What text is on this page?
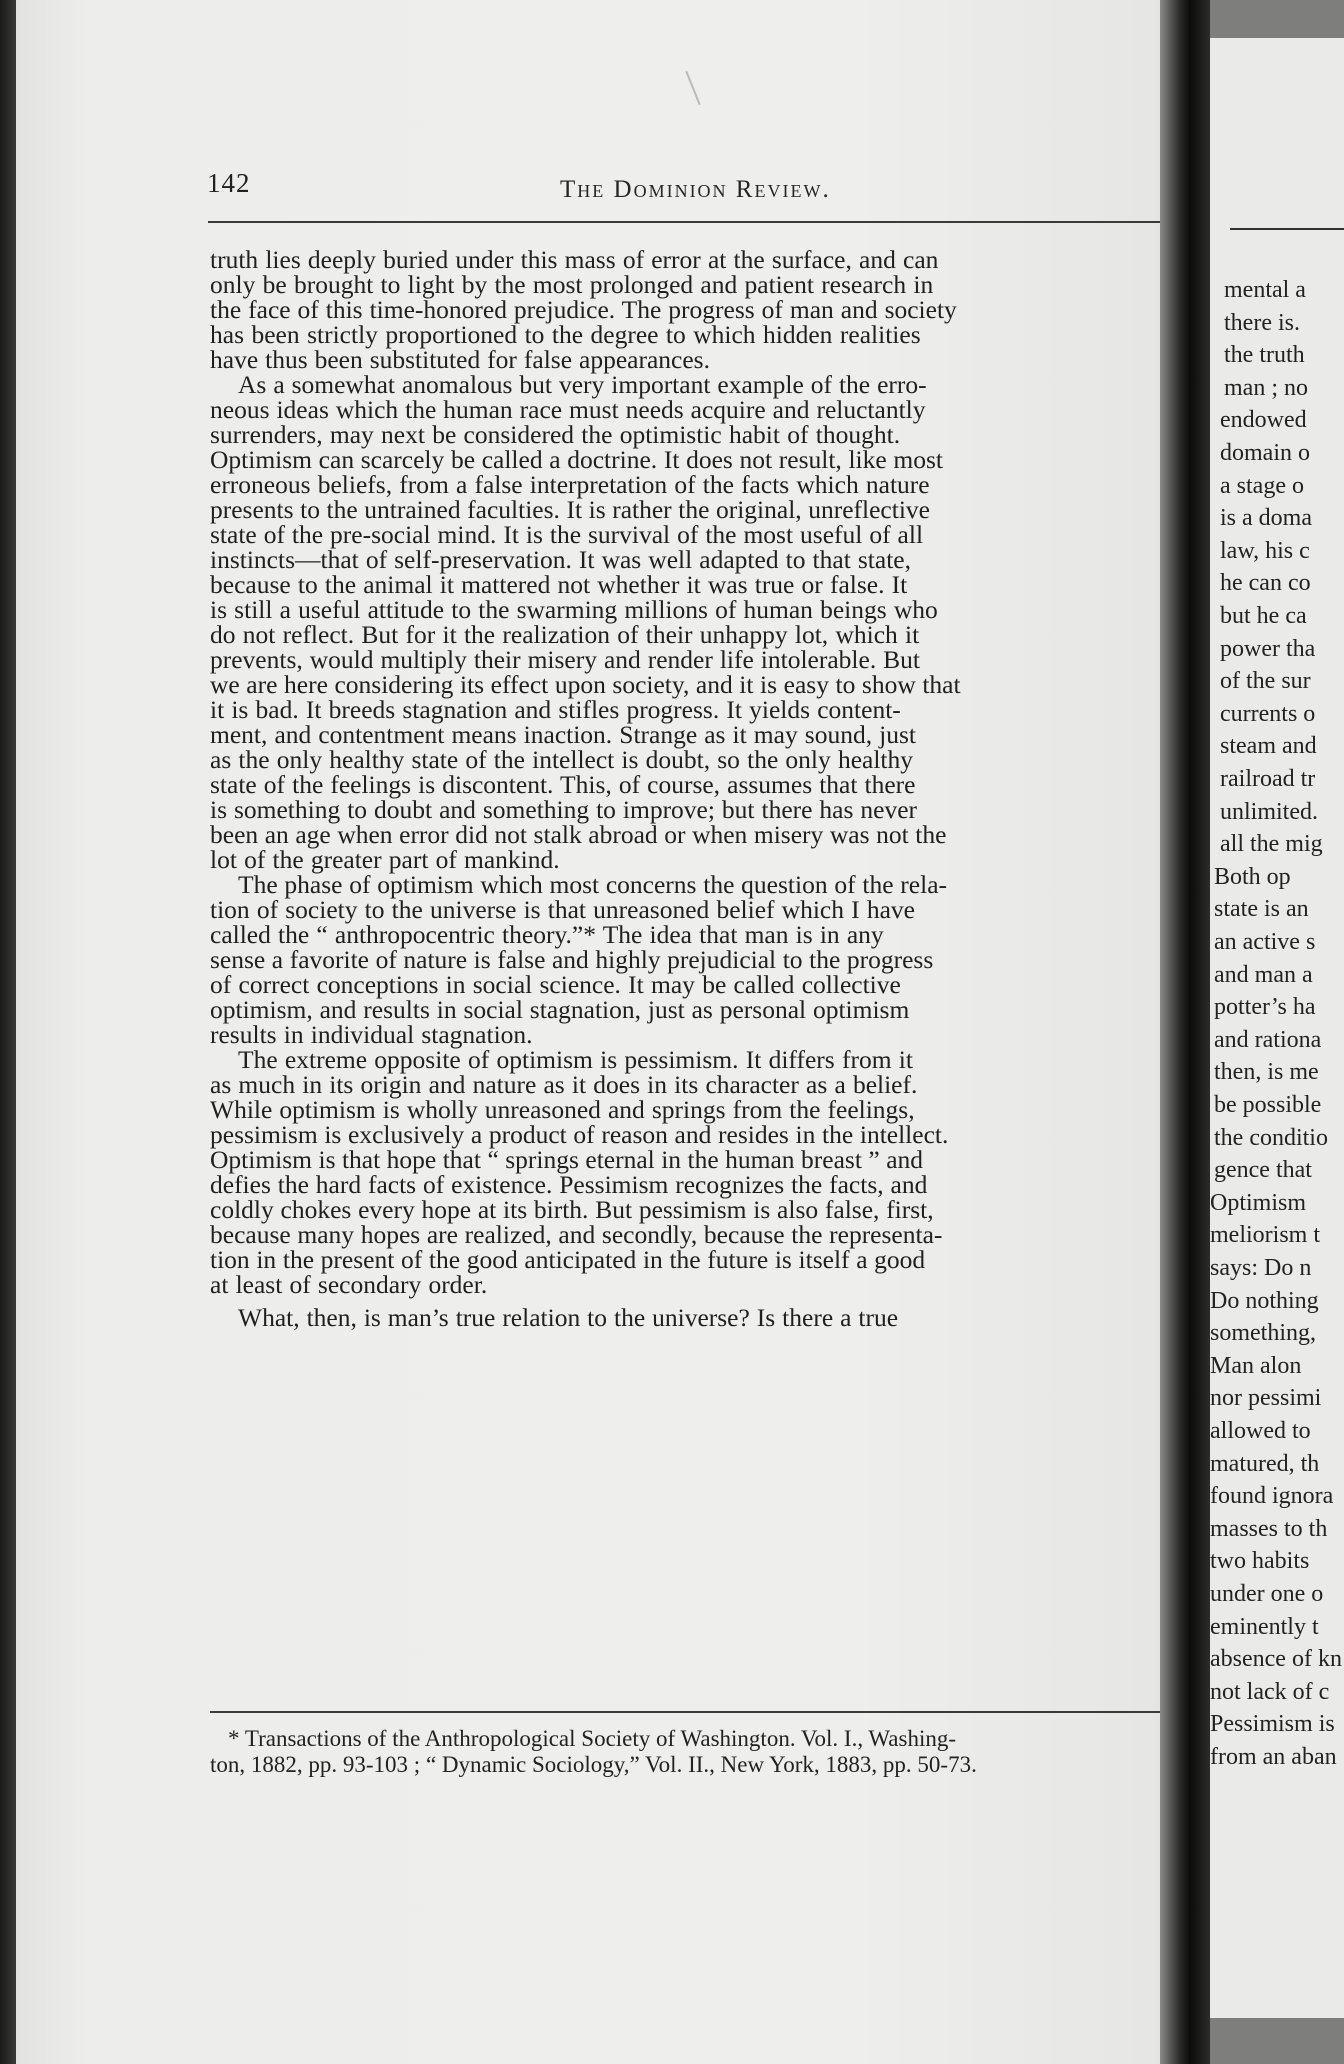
142	The Dominion Review.
truth lies deeply buried under this mass of error at the surface, and can
only be brought to light by the most prolonged and patient research in
the face of this time-honored prejudice. The progress of man and society
has been strictly proportioned to the degree to which hidden realities
have thus been substituted for false appearances.
As a somewhat anomalous but very important example of the erro-
neous ideas which the human race must needs acquire and reluctantly
surrenders, may next be considered the optimistic habit of thought.
Optimism can scarcely be called a doctrine. It does not result, like most
erroneous beliefs, from a false interpretation of the facts which nature
presents to the untrained faculties. It is rather the original, unreflective
state of the pre-social mind. It is the survival of the most useful of all
instincts—that of self-preservation. It was well adapted to that state,
because to the animal it mattered not whether it was true or false. It
is still a useful attitude to the swarming millions of human beings who
do not reflect. But for it the realization of their unhappy lot, which it
prevents, would multiply their misery and render life intolerable. But
we are here considering its effect upon society, and it is easy to show that
it is bad. It breeds stagnation and stifles progress. It yields content-
ment, and contentment means inaction. Strange as it may sound, just
as the only healthy state of the intellect is doubt, so the only healthy
state of the feelings is discontent. This, of course, assumes that there
is something to doubt and something to improve; but there has never
been an age when error did not stalk abroad or when misery was not the
lot of the greater part of mankind.
The phase of optimism which most concerns the question of the rela-
tion of society to the universe is that unreasoned belief which I have
called the “ anthropocentric theory.”* The idea that man is in any
sense a favorite of nature is false and highly prejudicial to the progress
of correct conceptions in social science. It may be called collective
optimism, and results in social stagnation, just as personal optimism
results in individual stagnation.
The extreme opposite of optimism is pessimism. It differs from it
as much in its origin and nature as it does in its character as a belief.
While optimism is wholly unreasoned and springs from the feelings,
pessimism is exclusively a product of reason and resides in the intellect.
Optimism is that hope that “ springs eternal in the human breast ” and
defies the hard facts of existence. Pessimism recognizes the facts, and
coldly chokes every hope at its birth. But pessimism is also false, first,
because many hopes are realized, and secondly, because the representa-
tion in the present of the good anticipated in the future is itself a good
at least of secondary order.
What, then, is man’s true relation to the universe? Is there a true
* Transactions of the Anthropological Society of Washington. Vol. I., Washing-
ton, 1882, pp. 93-103 ; “ Dynamic Sociology,” Vol. II., New York, 1883, pp. 50-73.
mental a
there is.
the truth
man ; no
endowed
domain o
a stage o
is a doma
law, his c
he can co
but he ca
power tha
of the sur
currents o
steam and
railroad tr
unlimited.
all the mig
Both op
state is an
an active s
and man a
potter’s ha
and rationa
then, is me
be possible
the conditio
gence that
Optimism
meliorism t
says: Do n
Do nothing
something,
Man alon
nor pessimi
allowed to
matured, th
found ignora
masses to th
two habits
under one o
eminently t
absence of kn
not lack of c
Pessimism is
from an aban
